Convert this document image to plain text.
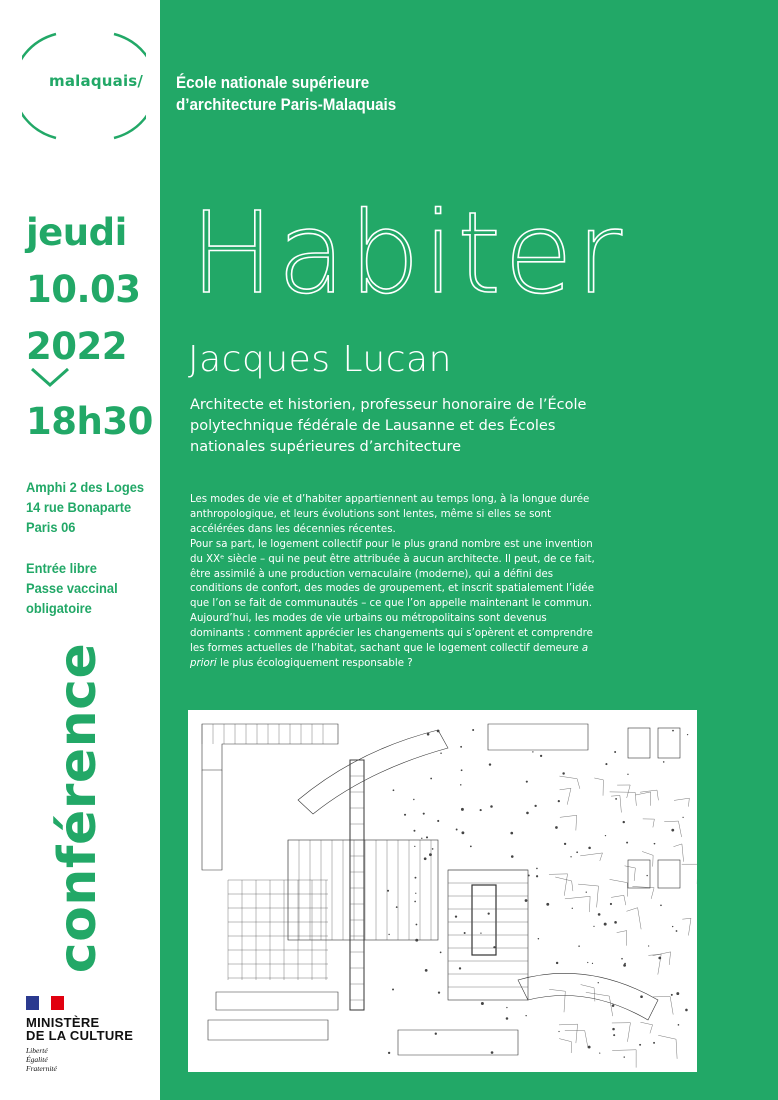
malaquais/ École nationale supérieure
d’architecture Paris-Malaquais
jeudi
10.03
2022
18h30
Amphi 2 des Loges
14 rue Bonaparte
Paris 06
Entrée libre
Passe vaccinal
obligatoire
conférence
MINISTÈRE
DE LA CULTURE
Liberté
Égalité
Fraternité
Habiter
Jacques Lucan
Architecte et historien, professeur honoraire de l’École polytechnique fédérale de Lausanne et des Écoles nationales supérieures d’architecture

Les modes de vie et d’habiter appartiennent au temps long, à la longue durée anthropologique, et leurs évolutions sont lentes, même si elles se sont accélérées dans les décennies récentes.

Pour sa part, le logement collectif pour le plus grand nombre est une invention du XXᵉ siècle – qui ne peut être attribuée à aucun architecte. Il peut, de ce fait, être assimilé à une production vernaculaire (moderne), qui a défini des conditions de confort, des modes de groupement, et inscrit spatialement l’idée que l’on se fait de communautés – ce que l’on appelle maintenant le commun.

Aujourd’hui, les modes de vie urbains ou métropolitains sont devenus dominants : comment apprécier les changements qui s’opèrent et comprendre les formes actuelles de l’habitat, sachant que le logement collectif demeure a priori le plus écologiquement responsable ?
